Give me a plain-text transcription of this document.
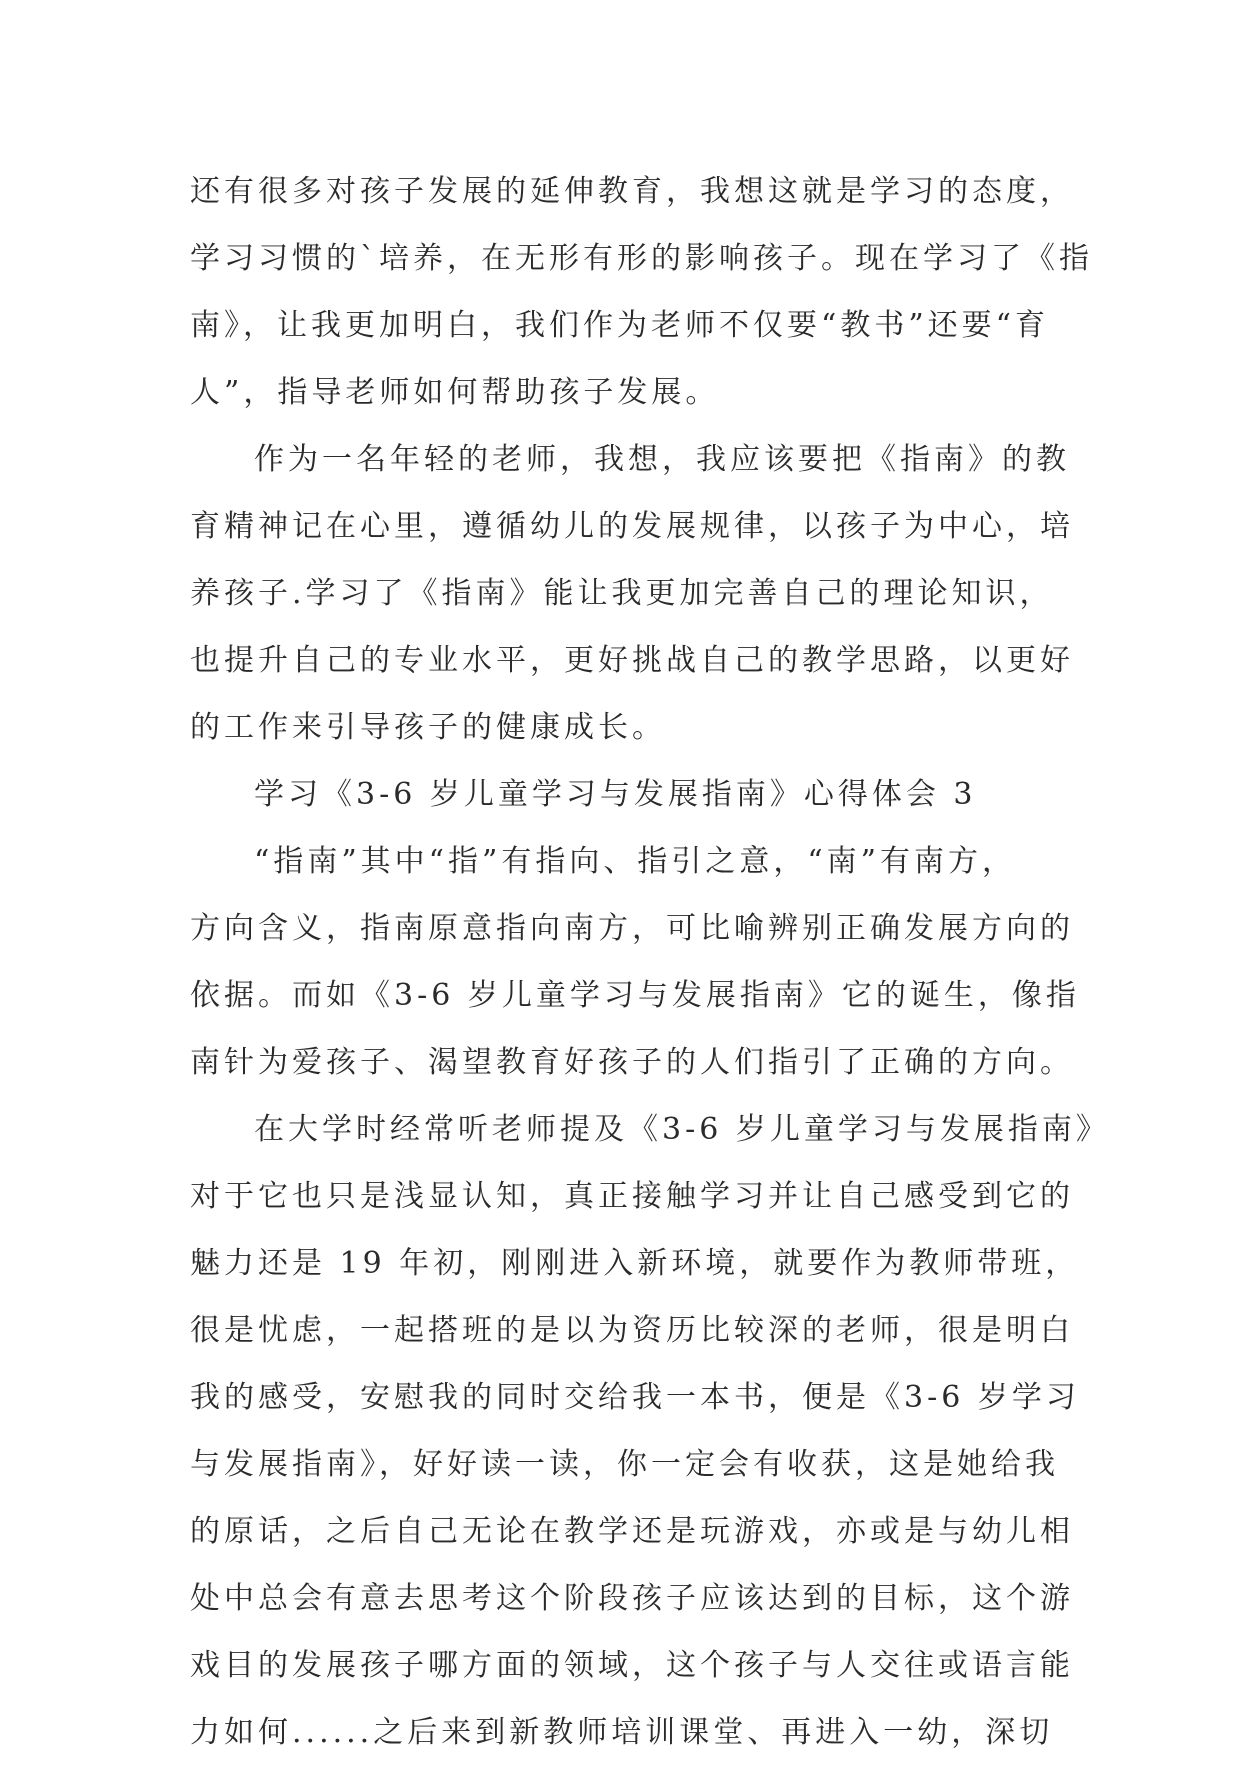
还有很多对孩子发展的延伸教育，我想这就是学习的态度，
学习习惯的`培养，在无形有形的影响孩子。现在学习了《指
南》，让我更加明白，我们作为老师不仅要“教书”还要“育
人”，指导老师如何帮助孩子发展。
作为一名年轻的老师，我想，我应该要把《指南》的教
育精神记在心里，遵循幼儿的发展规律，以孩子为中心，培
养孩子.学习了《指南》能让我更加完善自己的理论知识，
也提升自己的专业水平，更好挑战自己的教学思路，以更好
的工作来引导孩子的健康成长。
学习《3-6 岁儿童学习与发展指南》心得体会 3
“指南”其中“指”有指向、指引之意，“南”有南方，
方向含义，指南原意指向南方，可比喻辨别正确发展方向的
依据。而如《3-6 岁儿童学习与发展指南》它的诞生，像指
南针为爱孩子、渴望教育好孩子的人们指引了正确的方向。
在大学时经常听老师提及《3-6 岁儿童学习与发展指南》
对于它也只是浅显认知，真正接触学习并让自己感受到它的
魅力还是 19 年初，刚刚进入新环境，就要作为教师带班，
很是忧虑，一起搭班的是以为资历比较深的老师，很是明白
我的感受，安慰我的同时交给我一本书，便是《3-6 岁学习
与发展指南》，好好读一读，你一定会有收获，这是她给我
的原话，之后自己无论在教学还是玩游戏，亦或是与幼儿相
处中总会有意去思考这个阶段孩子应该达到的目标，这个游
戏目的发展孩子哪方面的领域，这个孩子与人交往或语言能
力如何......之后来到新教师培训课堂、再进入一幼，深切
